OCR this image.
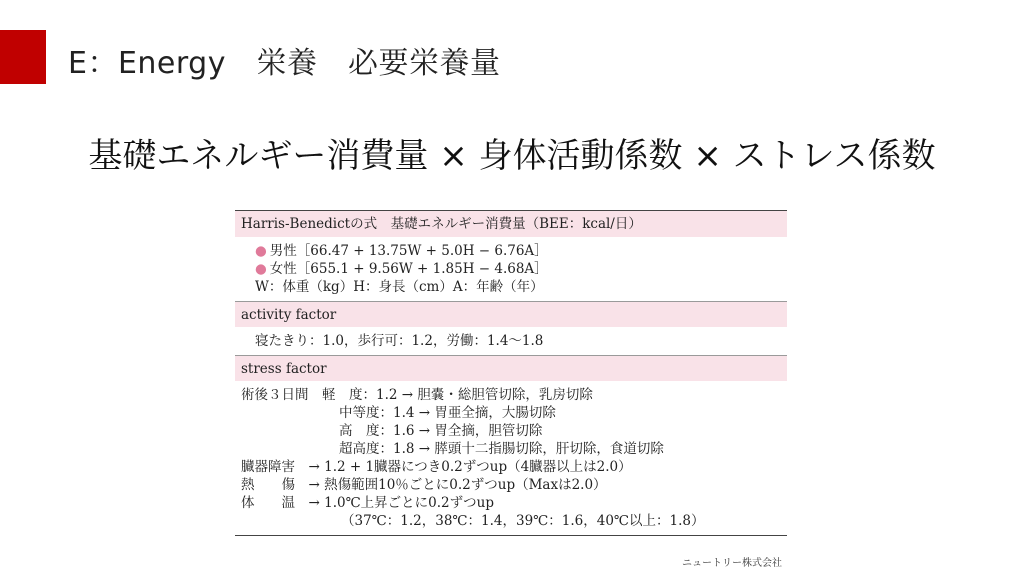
E：Energy　栄養　必要栄養量
基礎エネルギー消費量 × 身体活動係数 × ストレス係数
Harris-Benedictの式　基礎エネルギー消費量（BEE：kcal/日）
● 男性［66.47 + 13.75W + 5.0H − 6.76A］
● 女性［655.1 + 9.56W + 1.85H − 4.68A］
W：体重（kg）H：身長（cm）A：年齢（年）
activity factor
寝たきり：1.0，歩行可：1.2，労働：1.4～1.8
stress factor
術後３日間　軽　度：1.2 → 胆嚢・総胆管切除，乳房切除
中等度：1.4 → 胃亜全摘，大腸切除
高　度：1.6 → 胃全摘，胆管切除
超高度：1.8 → 膵頭十二指腸切除，肝切除，食道切除
臓器障害　→ 1.2 + 1臓器につき0.2ずつup（4臓器以上は2.0）
熱　　傷　→ 熱傷範囲10％ごとに0.2ずつup（Maxは2.0）
体　　温　→ 1.0℃上昇ごとに0.2ずつup
（37℃：1.2，38℃：1.4，39℃：1.6，40℃以上：1.8）
ニュートリー株式会社
